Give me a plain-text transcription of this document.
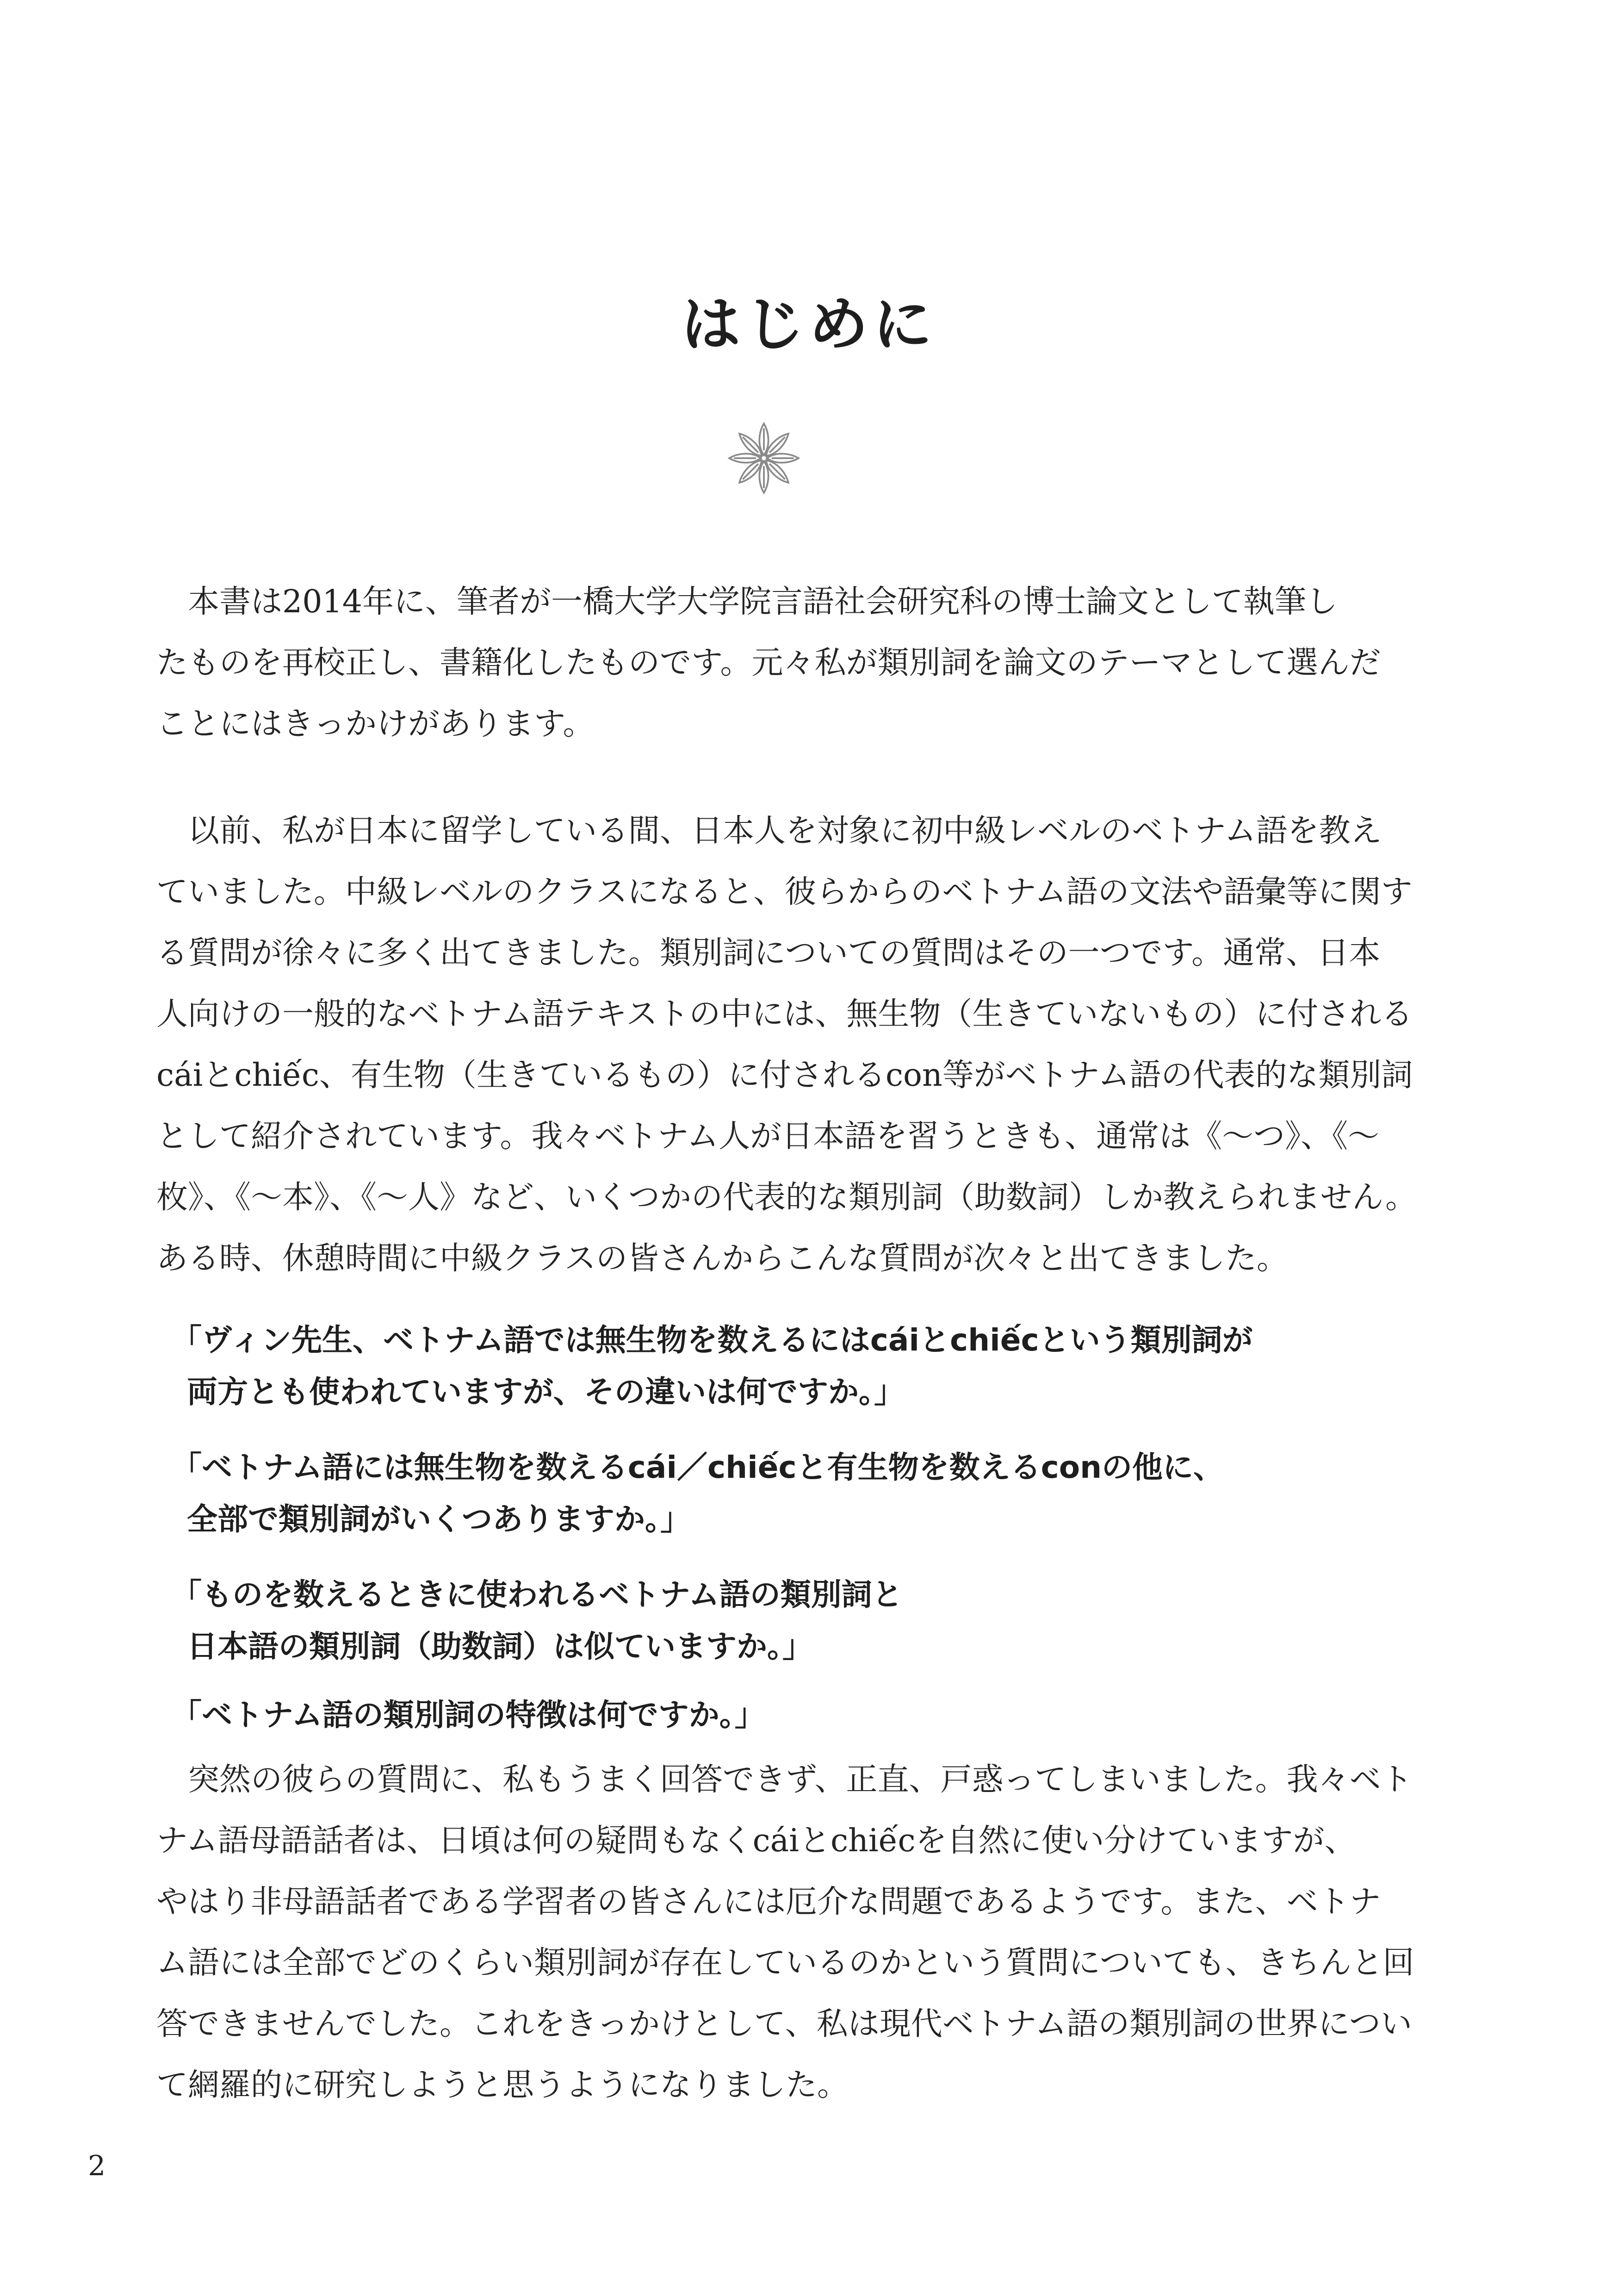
はじめに
本書は2014年に、筆者が一橋大学大学院言語社会研究科の博士論文として執筆し
たものを再校正し、書籍化したものです。元々私が類別詞を論文のテーマとして選んだ
ことにはきっかけがあります。
以前、私が日本に留学している間、日本人を対象に初中級レベルのベトナム語を教え
ていました。中級レベルのクラスになると、彼らからのベトナム語の文法や語彙等に関す
る質問が徐々に多く出てきました。類別詞についての質問はその一つです。通常、日本
人向けの一般的なベトナム語テキストの中には、無生物（生きていないもの）に付される
cáiとchiếc、有生物（生きているもの）に付されるcon等がベトナム語の代表的な類別詞
として紹介されています。我々ベトナム人が日本語を習うときも、通常は《〜つ》、《〜
枚》、《〜本》、《〜人》など、いくつかの代表的な類別詞（助数詞）しか教えられません。
ある時、休憩時間に中級クラスの皆さんからこんな質問が次々と出てきました。
「ヴィン先生、ベトナム語では無生物を数えるにはcáiとchiếcという類別詞が
両方とも使われていますが、その違いは何ですか。」
「ベトナム語には無生物を数えるcái／chiếcと有生物を数えるconの他に、
全部で類別詞がいくつありますか。」
「ものを数えるときに使われるベトナム語の類別詞と
日本語の類別詞（助数詞）は似ていますか。」
「ベトナム語の類別詞の特徴は何ですか。」
突然の彼らの質問に、私もうまく回答できず、正直、戸惑ってしまいました。我々ベト
ナム語母語話者は、日頃は何の疑問もなくcáiとchiếcを自然に使い分けていますが、
やはり非母語話者である学習者の皆さんには厄介な問題であるようです。また、ベトナ
ム語には全部でどのくらい類別詞が存在しているのかという質問についても、きちんと回
答できませんでした。これをきっかけとして、私は現代ベトナム語の類別詞の世界につい
て網羅的に研究しようと思うようになりました。
2
